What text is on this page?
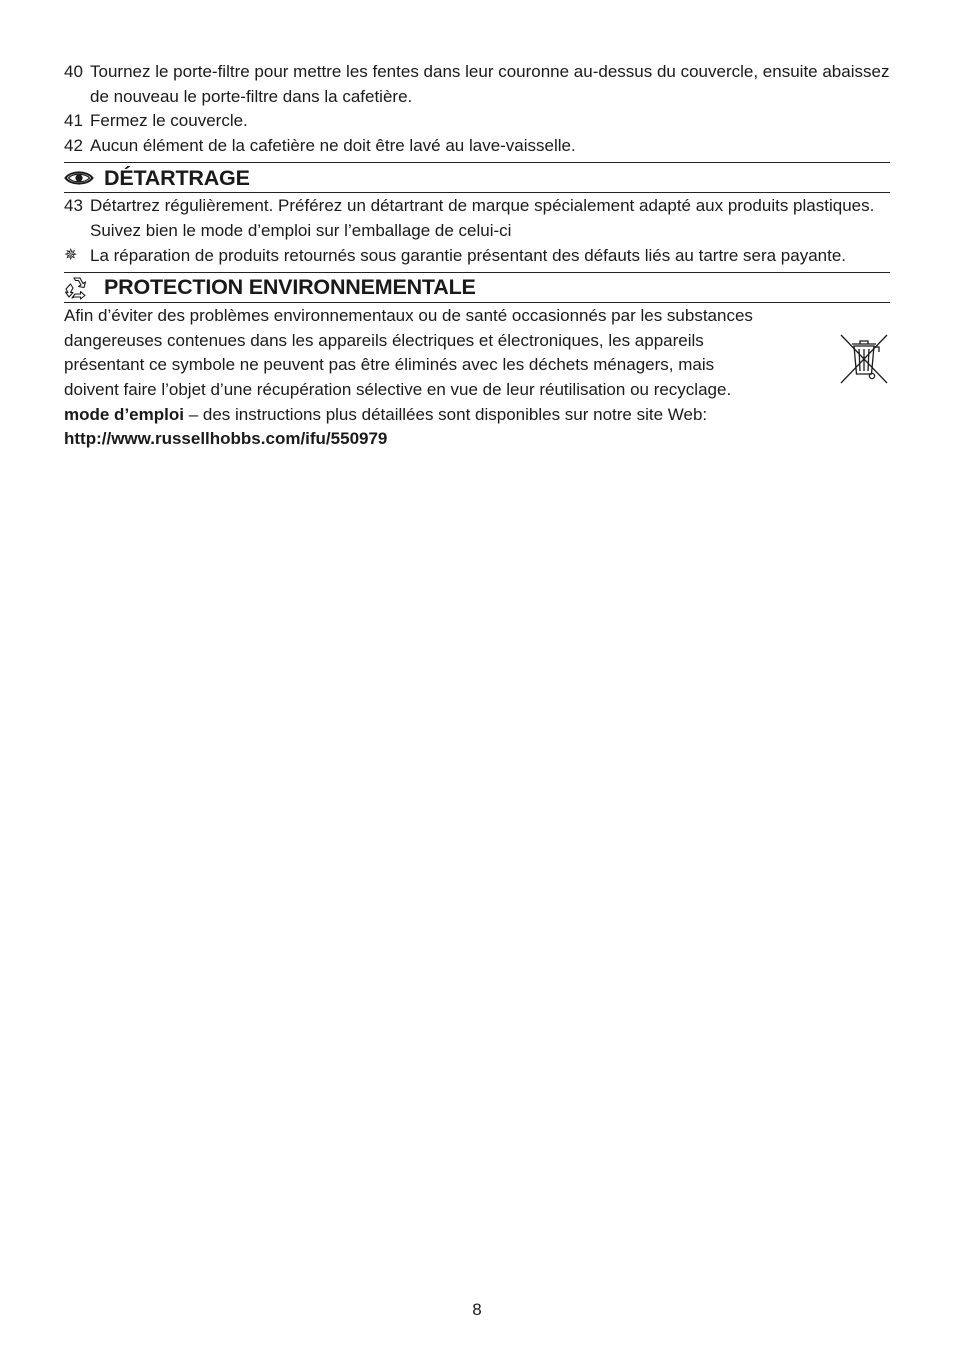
40 Tournez le porte-filtre pour mettre les fentes dans leur couronne au-dessus du couvercle, ensuite abaissez de nouveau le porte-filtre dans la cafetière.
41 Fermez le couvercle.
42 Aucun élément de la cafetière ne doit être lavé au lave-vaisselle.
DÉTARTRAGE
43 Détartrez régulièrement. Préférez un détartrant de marque spécialement adapté aux produits plastiques. Suivez bien le mode d’emploi sur l’emballage de celui-ci
✵ La réparation de produits retournés sous garantie présentant des défauts liés au tartre sera payante.
PROTECTION ENVIRONNEMENTALE
Afin d’éviter des problèmes environnementaux ou de santé occasionnés par les substances
dangereuses contenues dans les appareils électriques et électroniques, les appareils
présentant ce symbole ne peuvent pas être éliminés avec les déchets ménagers, mais
doivent faire l’objet d’une récupération sélective en vue de leur réutilisation ou recyclage.
mode d’emploi – des instructions plus détaillées sont disponibles sur notre site Web:
http://www.russellhobbs.com/ifu/550979
8
